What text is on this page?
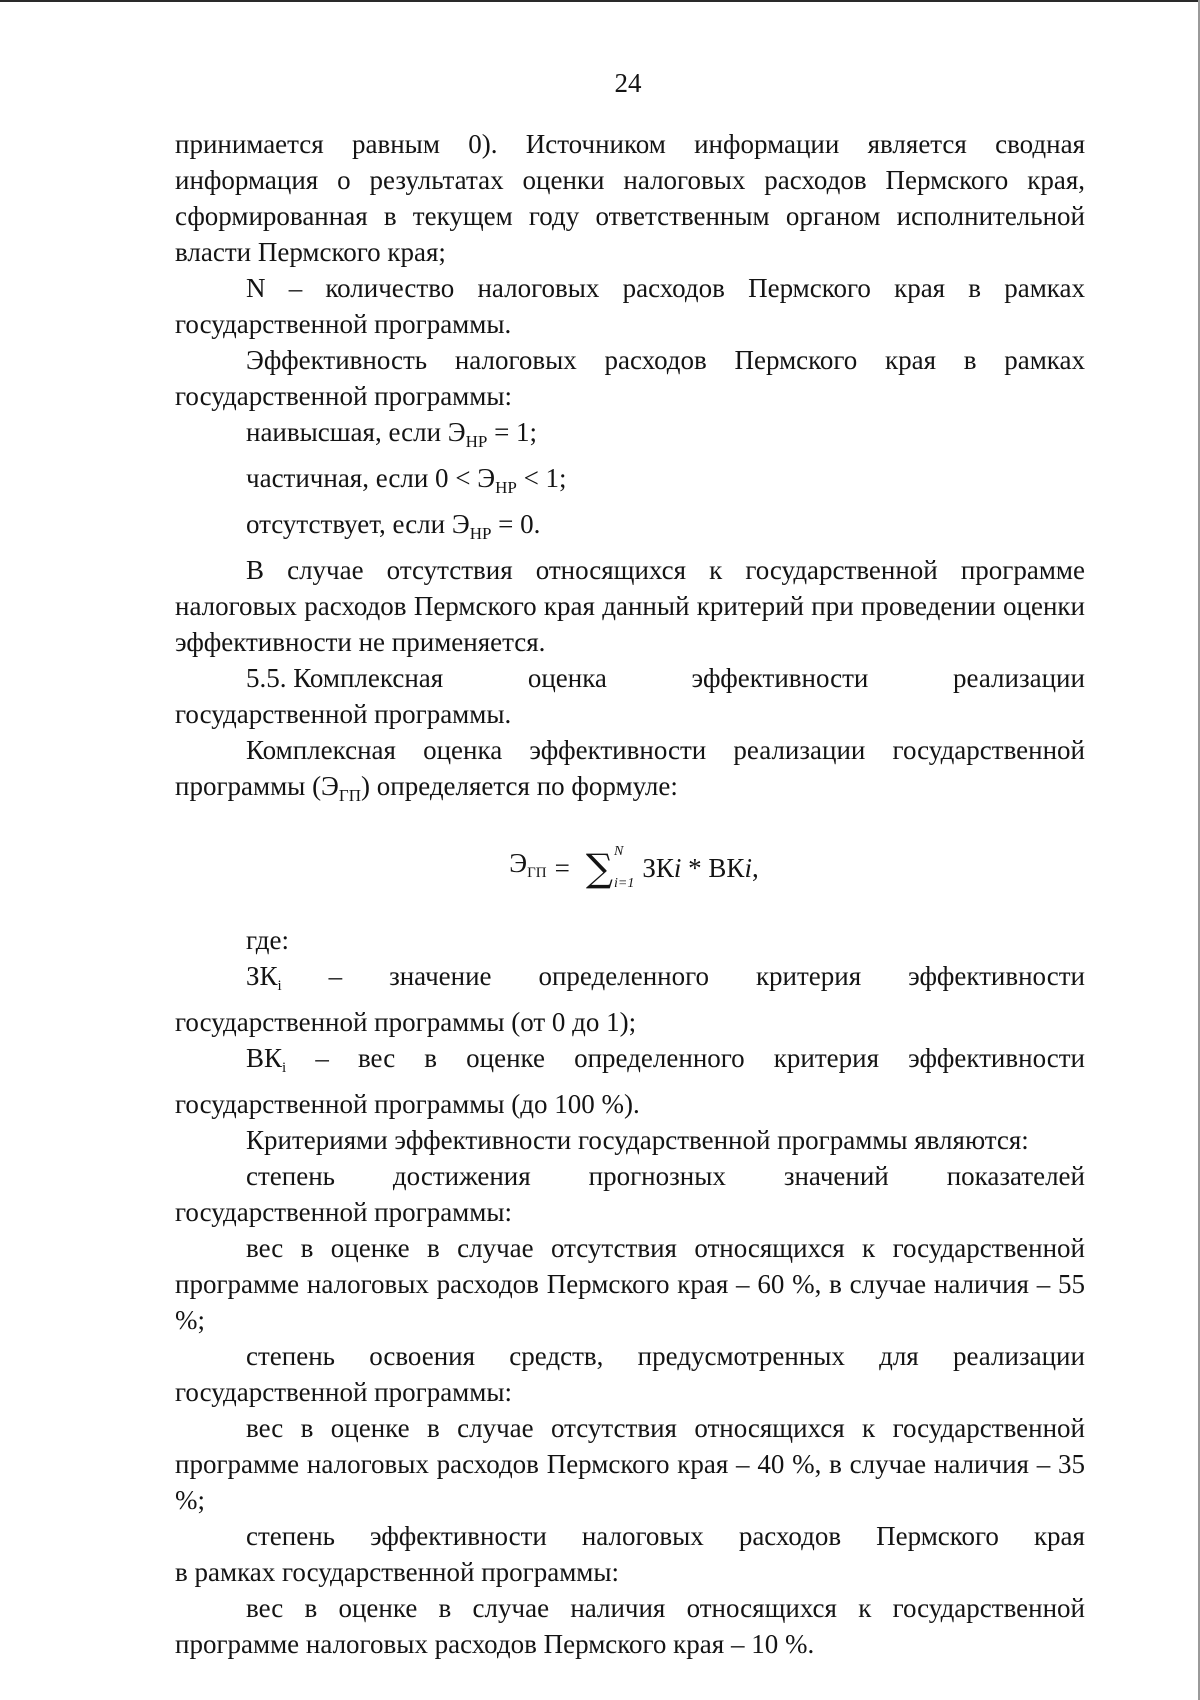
24

принимается равным 0). Источником информации является сводная информация о результатах оценки налоговых расходов Пермского края, сформированная в текущем году ответственным органом исполнительной власти Пермского края;

N – количество налоговых расходов Пермского края в рамках государственной программы.

Эффективность налоговых расходов Пермского края в рамках государственной программы:

наивысшая, если $Э_{НР} = 1$;

частичная, если $0 < Э_{НР} < 1$;

отсутствует, если $Э_{НР} = 0$.

В случае отсутствия относящихся к государственной программе налоговых расходов Пермского края данный критерий при проведении оценки эффективности не применяется.

5.5. Комплексная	оценка	эффективности	реализации

государственной программы.

Комплексная оценка эффективности реализации государственной программы $(Э_{ГП})$ определяется по формуле:

ЭГП = ∑ N
i=1
ЗКi * ВКi,

где:

ЗКi – значение определенного критерия эффективности

государственной программы (от 0 до 1);

ВКi – вес в оценке определенного критерия эффективности государственной программы (до 100 %).

Критериями эффективности государственной программы являются:

степень достижения прогнозных значений показателей

государственной программы:

вес в оценке в случае отсутствия относящихся к государственной программе налоговых расходов Пермского края – 60 %, в случае наличия – 55 %;

степень освоения средств, предусмотренных для реализации

государственной программы:

вес в оценке в случае отсутствия относящихся к государственной программе налоговых расходов Пермского края – 40 %, в случае наличия – 35 %;

степень эффективности налоговых расходов Пермского края

в рамках государственной программы:

вес в оценке в случае наличия относящихся к государственной программе налоговых расходов Пермского края – 10 %.
